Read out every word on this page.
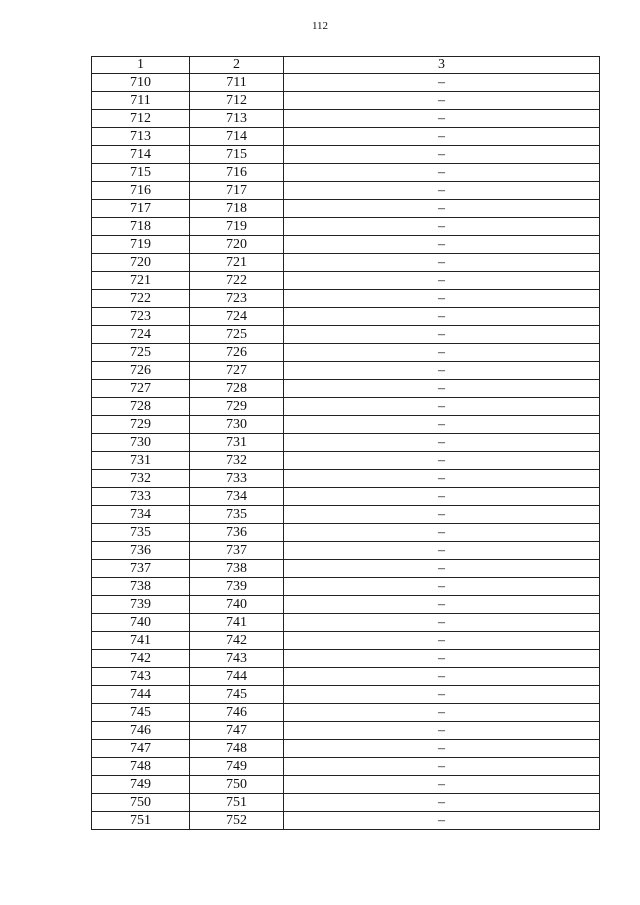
112
1	2	3
710	711	–
711	712	–
712	713	–
713	714	–
714	715	–
715	716	–
716	717	–
717	718	–
718	719	–
719	720	–
720	721	–
721	722	–
722	723	–
723	724	–
724	725	–
725	726	–
726	727	–
727	728	–
728	729	–
729	730	–
730	731	–
731	732	–
732	733	–
733	734	–
734	735	–
735	736	–
736	737	–
737	738	–
738	739	–
739	740	–
740	741	–
741	742	–
742	743	–
743	744	–
744	745	–
745	746	–
746	747	–
747	748	–
748	749	–
749	750	–
750	751	–
751	752	–
